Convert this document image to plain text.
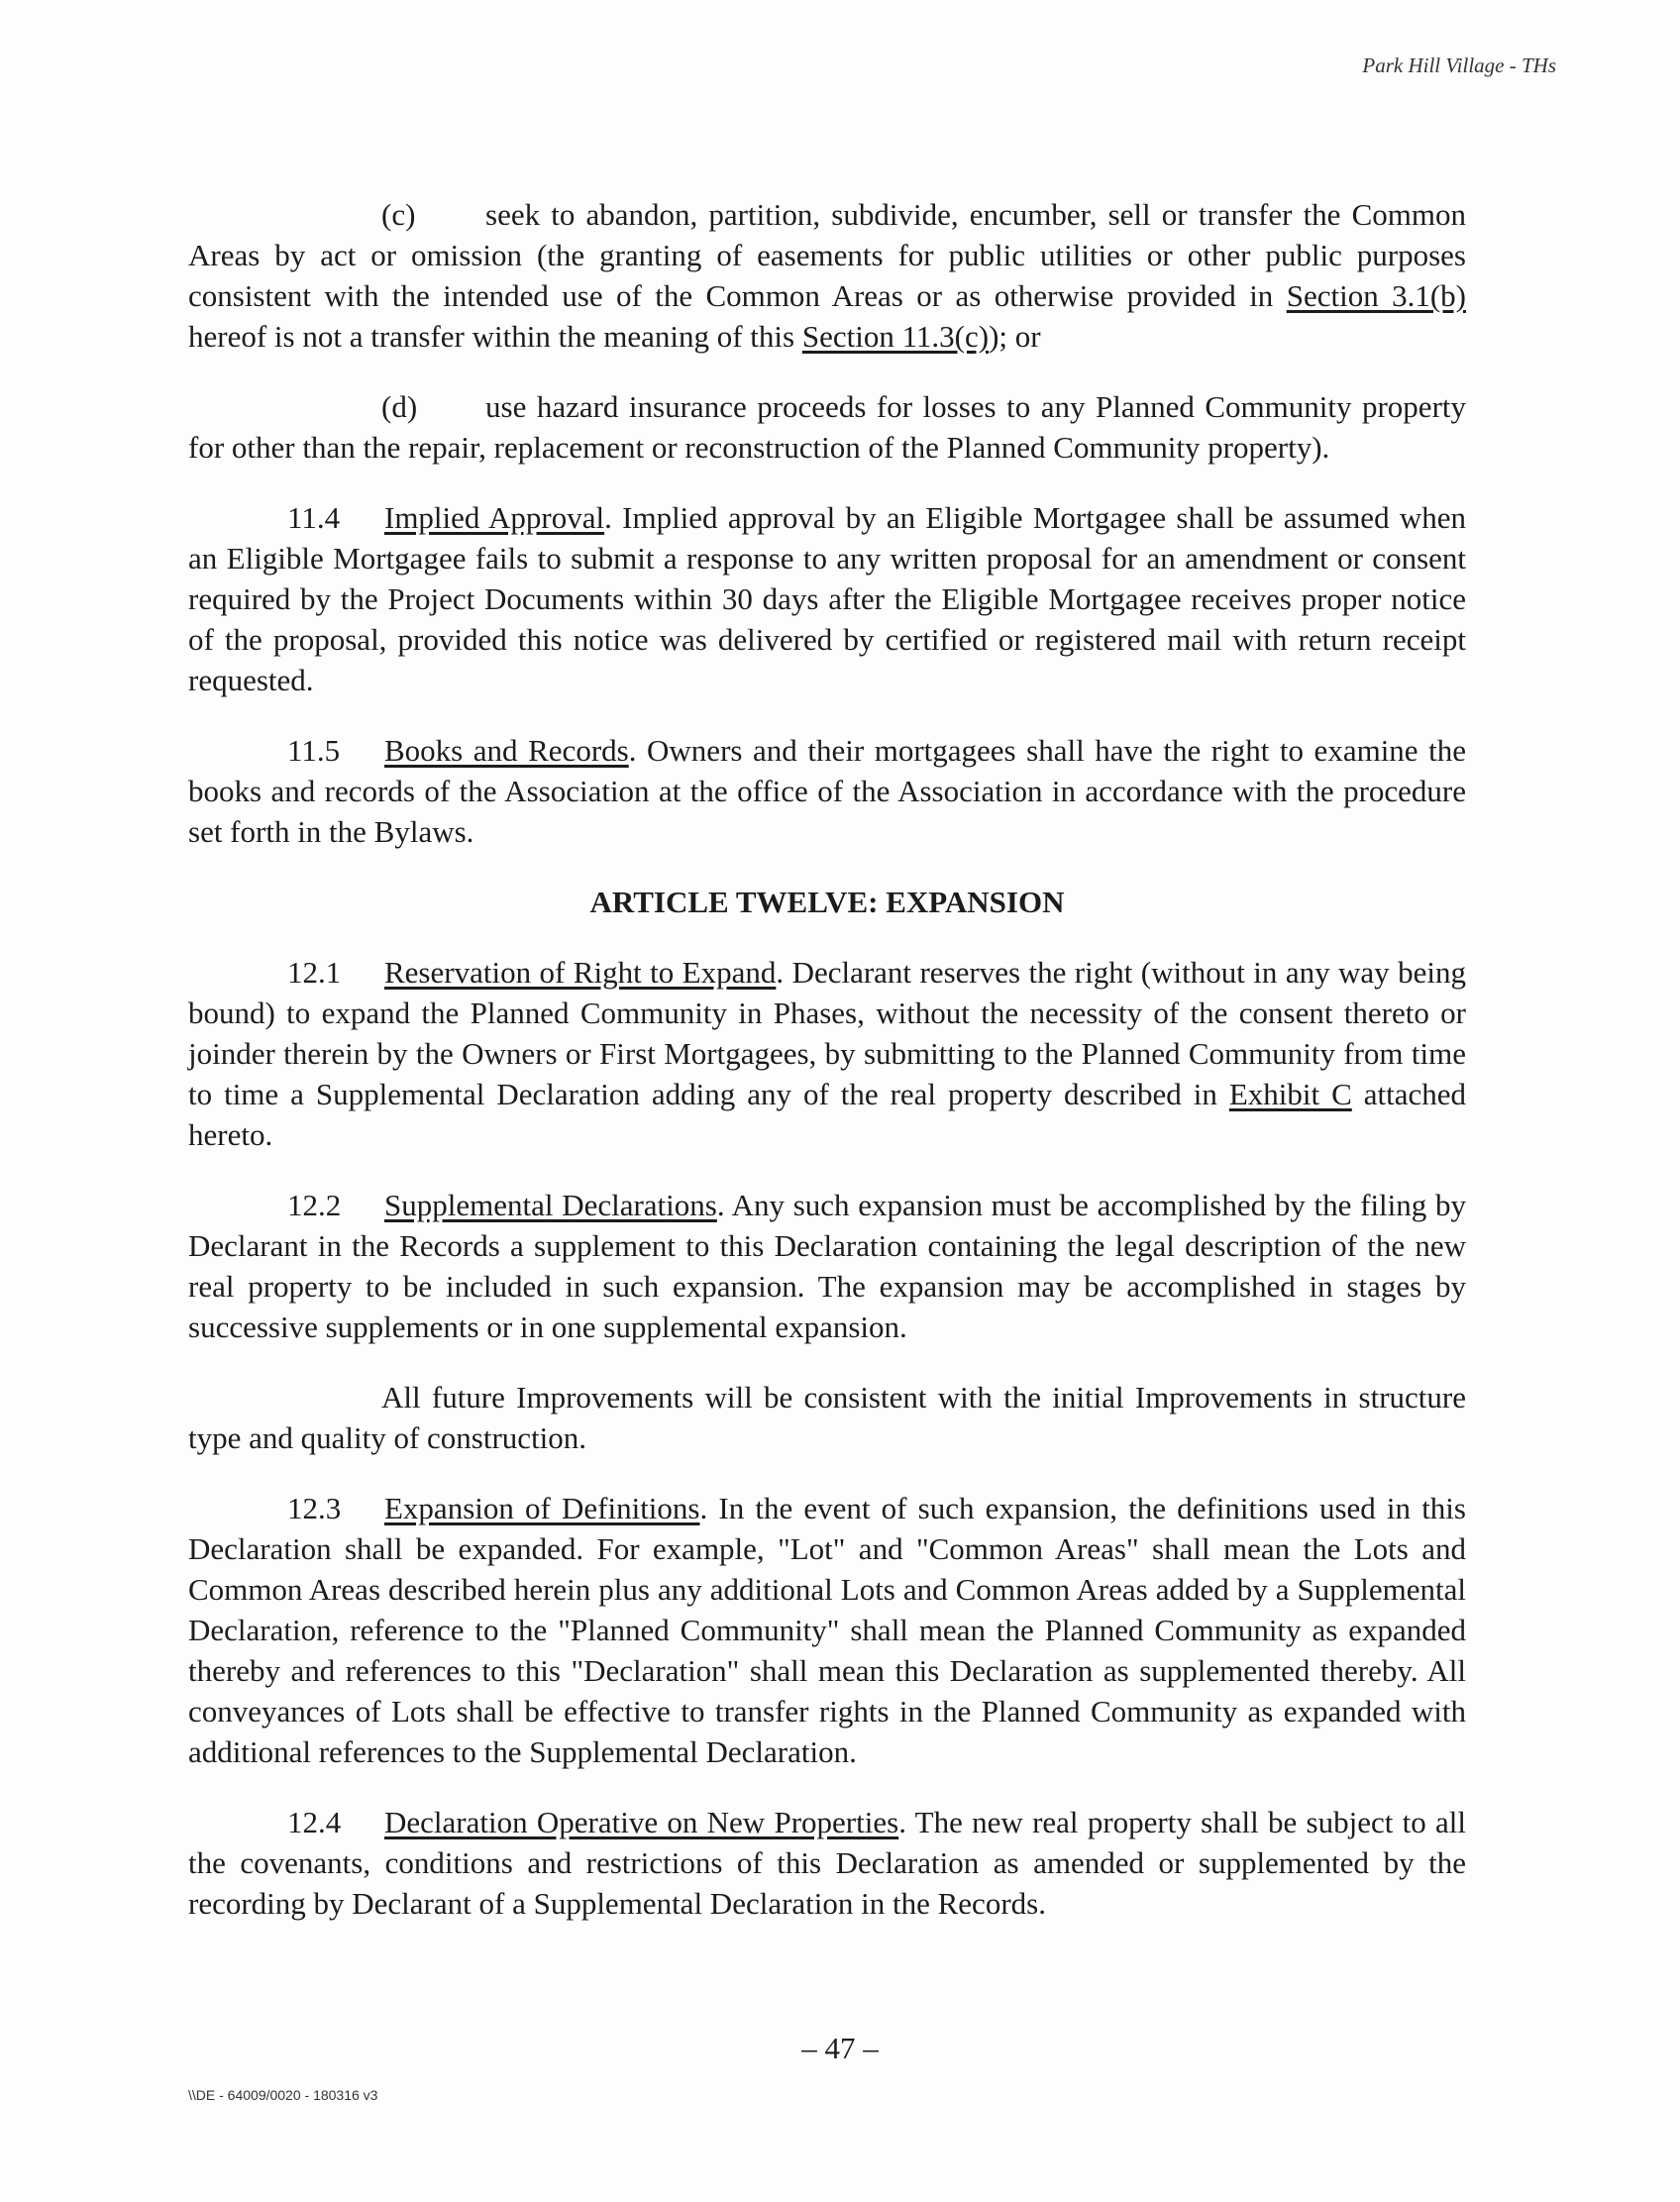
Park Hill Village - THs

(c) seek to abandon, partition, subdivide, encumber, sell or transfer the Common Areas by act or omission (the granting of easements for public utilities or other public purposes consistent with the intended use of the Common Areas or as otherwise provided in Section 3.1(b) hereof is not a transfer within the meaning of this Section 11.3(c)); or

(d) use hazard insurance proceeds for losses to any Planned Community property for other than the repair, replacement or reconstruction of the Planned Community property).

11.4 Implied Approval. Implied approval by an Eligible Mortgagee shall be assumed when an Eligible Mortgagee fails to submit a response to any written proposal for an amendment or consent required by the Project Documents within 30 days after the Eligible Mortgagee receives proper notice of the proposal, provided this notice was delivered by certified or registered mail with return receipt requested.

11.5 Books and Records. Owners and their mortgagees shall have the right to examine the books and records of the Association at the office of the Association in accordance with the procedure set forth in the Bylaws.

ARTICLE TWELVE: EXPANSION

12.1 Reservation of Right to Expand. Declarant reserves the right (without in any way being bound) to expand the Planned Community in Phases, without the necessity of the consent thereto or joinder therein by the Owners or First Mortgagees, by submitting to the Planned Community from time to time a Supplemental Declaration adding any of the real property described in Exhibit C attached hereto.

12.2 Supplemental Declarations. Any such expansion must be accomplished by the filing by Declarant in the Records a supplement to this Declaration containing the legal description of the new real property to be included in such expansion. The expansion may be accomplished in stages by successive supplements or in one supplemental expansion.

All future Improvements will be consistent with the initial Improvements in structure type and quality of construction.

12.3 Expansion of Definitions. In the event of such expansion, the definitions used in this Declaration shall be expanded. For example, "Lot" and "Common Areas" shall mean the Lots and Common Areas described herein plus any additional Lots and Common Areas added by a Supplemental Declaration, reference to the "Planned Community" shall mean the Planned Community as expanded thereby and references to this "Declaration" shall mean this Declaration as supplemented thereby. All conveyances of Lots shall be effective to transfer rights in the Planned Community as expanded with additional references to the Supplemental Declaration.

12.4 Declaration Operative on New Properties. The new real property shall be subject to all the covenants, conditions and restrictions of this Declaration as amended or supplemented by the recording by Declarant of a Supplemental Declaration in the Records.

– 47 –
\\DE - 64009/0020 - 180316 v3
